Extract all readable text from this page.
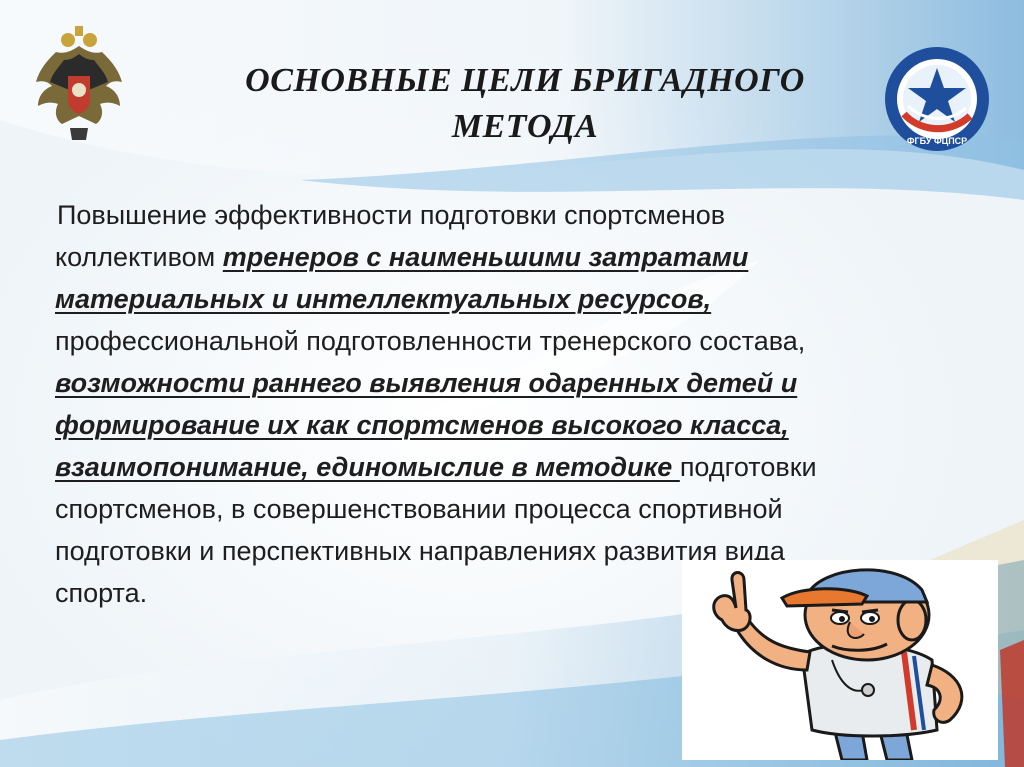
ФГБУ ФЦПСР
ОСНОВНЫЕ ЦЕЛИ БРИГАДНОГО
МЕТОДА

Повышение эффективности подготовки спортсменов
коллективом тренеров с наименьшими затратами
материальных и интеллектуальных ресурсов,
профессиональной подготовленности тренерского состава,
возможности раннего выявления одаренных детей и
формирование их как спортсменов высокого класса,
взаимопонимание, единомыслие в методике подготовки
спортсменов, в совершенствовании процесса спортивной
подготовки и перспективных направлениях развития вида
спорта.

4
